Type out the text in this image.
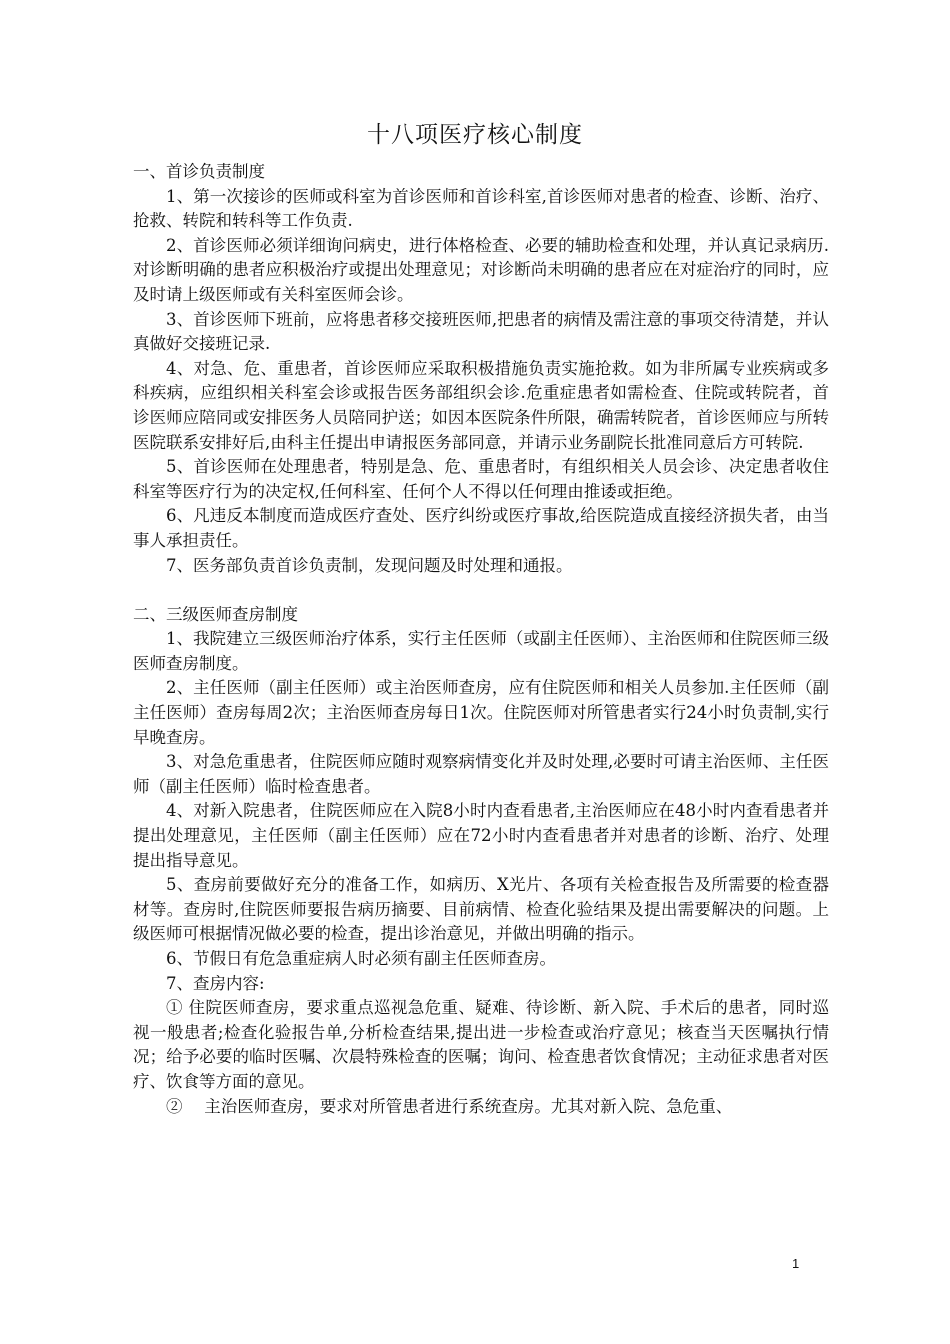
十八项医疗核心制度

一、首诊负责制度

1、第一次接诊的医师或科室为首诊医师和首诊科室,首诊医师对患者的检查、诊断、治疗、抢救、转院和转科等工作负责.

2、首诊医师必须详细询问病史，进行体格检查、必要的辅助检查和处理，并认真记录病历.对诊断明确的患者应积极治疗或提出处理意见；对诊断尚未明确的患者应在对症治疗的同时，应及时请上级医师或有关科室医师会诊。

3、首诊医师下班前，应将患者移交接班医师,把患者的病情及需注意的事项交待清楚，并认真做好交接班记录.

4、对急、危、重患者，首诊医师应采取积极措施负责实施抢救。如为非所属专业疾病或多科疾病，应组织相关科室会诊或报告医务部组织会诊.危重症患者如需检查、住院或转院者，首诊医师应陪同或安排医务人员陪同护送；如因本医院条件所限，确需转院者，首诊医师应与所转医院联系安排好后,由科主任提出申请报医务部同意，并请示业务副院长批准同意后方可转院.

5、首诊医师在处理患者，特别是急、危、重患者时，有组织相关人员会诊、决定患者收住科室等医疗行为的决定权,任何科室、任何个人不得以任何理由推诿或拒绝。

6、凡违反本制度而造成医疗查处、医疗纠纷或医疗事故,给医院造成直接经济损失者，由当事人承担责任。

7、医务部负责首诊负责制，发现问题及时处理和通报。

二、三级医师查房制度

1、我院建立三级医师治疗体系，实行主任医师（或副主任医师）、主治医师和住院医师三级医师查房制度。

2、主任医师（副主任医师）或主治医师查房，应有住院医师和相关人员参加.主任医师（副主任医师）查房每周2次；主治医师查房每日1次。住院医师对所管患者实行24小时负责制,实行早晚查房。

3、对急危重患者，住院医师应随时观察病情变化并及时处理,必要时可请主治医师、主任医师（副主任医师）临时检查患者。

4、对新入院患者，住院医师应在入院8小时内查看患者,主治医师应在48小时内查看患者并提出处理意见，主任医师（副主任医师）应在72小时内查看患者并对患者的诊断、治疗、处理提出指导意见。

5、查房前要做好充分的准备工作，如病历、X光片、各项有关检查报告及所需要的检查器材等。查房时,住院医师要报告病历摘要、目前病情、检查化验结果及提出需要解决的问题。上级医师可根据情况做必要的检查，提出诊治意见，并做出明确的指示。

6、节假日有危急重症病人时必须有副主任医师查房。

7、查房内容:

① 住院医师查房，要求重点巡视急危重、疑难、待诊断、新入院、手术后的患者，同时巡视一般患者;检查化验报告单,分析检查结果,提出进一步检查或治疗意见；核查当天医嘱执行情况；给予必要的临时医嘱、次晨特殊检查的医嘱；询问、检查患者饮食情况；主动征求患者对医疗、饮食等方面的意见。

②　 主治医师查房，要求对所管患者进行系统查房。尤其对新入院、急危重、

1
